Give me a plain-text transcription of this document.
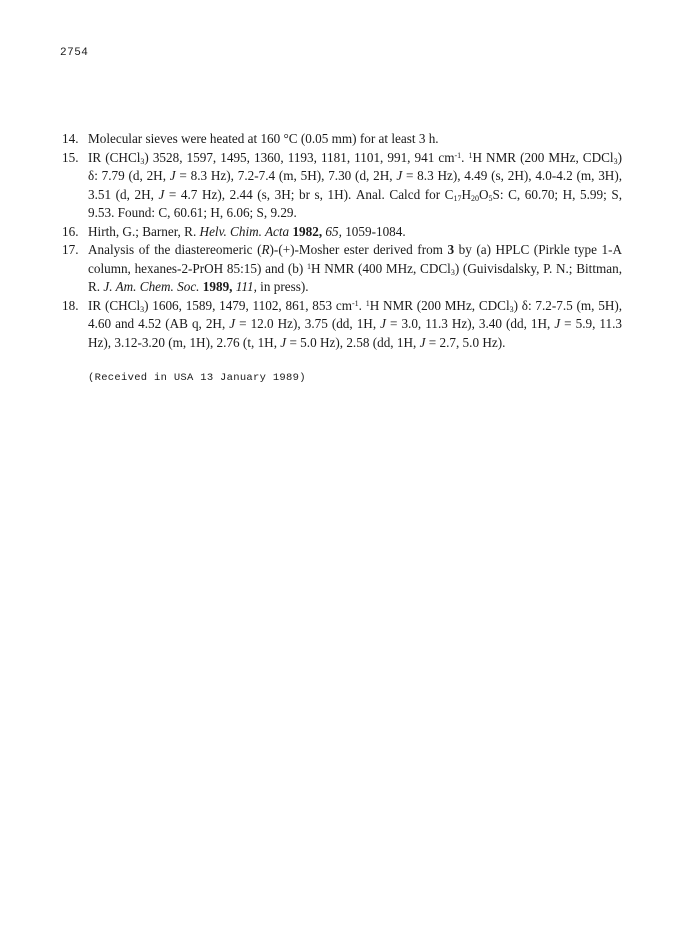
2754
14. Molecular sieves were heated at 160 °C (0.05 mm) for at least 3 h.
15. IR (CHCl$_3$) 3528, 1597, 1495, 1360, 1193, 1181, 1101, 991, 941 $cm^{-1}$. $^1$H NMR (200 MHz, CDCl$_3$) δ: 7.79 (d, 2H, J = 8.3 Hz), 7.2-7.4 (m, 5H), 7.30 (d, 2H, J = 8.3 Hz), 4.49 (s, 2H), 4.0-4.2 (m, 3H), 3.51 (d, 2H, J = 4.7 Hz), 2.44 (s, 3H; br s, 1H). Anal. Calcd for $C_{17}H_{20}O_5S$: C, 60.70; H, 5.99; S, 9.53. Found: C, 60.61; H, 6.06; S, 9.29.
16. Hirth, G.; Barner, R. Helv. Chim. Acta 1982, 65, 1059-1084.
17. Analysis of the diastereomeric (R)-(+)-Mosher ester derived from 3 by (a) HPLC (Pirkle type 1-A column, hexanes-2-PrOH 85:15) and (b) $^1$H NMR (400 MHz, CDCl$_3$) (Guivisdalsky, P. N.; Bittman, R. J. Am. Chem. Soc. 1989, 111, in press).
18. IR (CHCl$_3$) 1606, 1589, 1479, 1102, 861, 853 $cm^{-1}$. $^1$H NMR (200 MHz, CDCl$_3$) δ: 7.2-7.5 (m, 5H), 4.60 and 4.52 (AB q, 2H, J = 12.0 Hz), 3.75 (dd, 1H, J = 3.0, 11.3 Hz), 3.40 (dd, 1H, J = 5.9, 11.3 Hz), 3.12-3.20 (m, 1H), 2.76 (t, 1H, J = 5.0 Hz), 2.58 (dd, 1H, J = 2.7, 5.0 Hz).
(Received in USA 13 January 1989)
